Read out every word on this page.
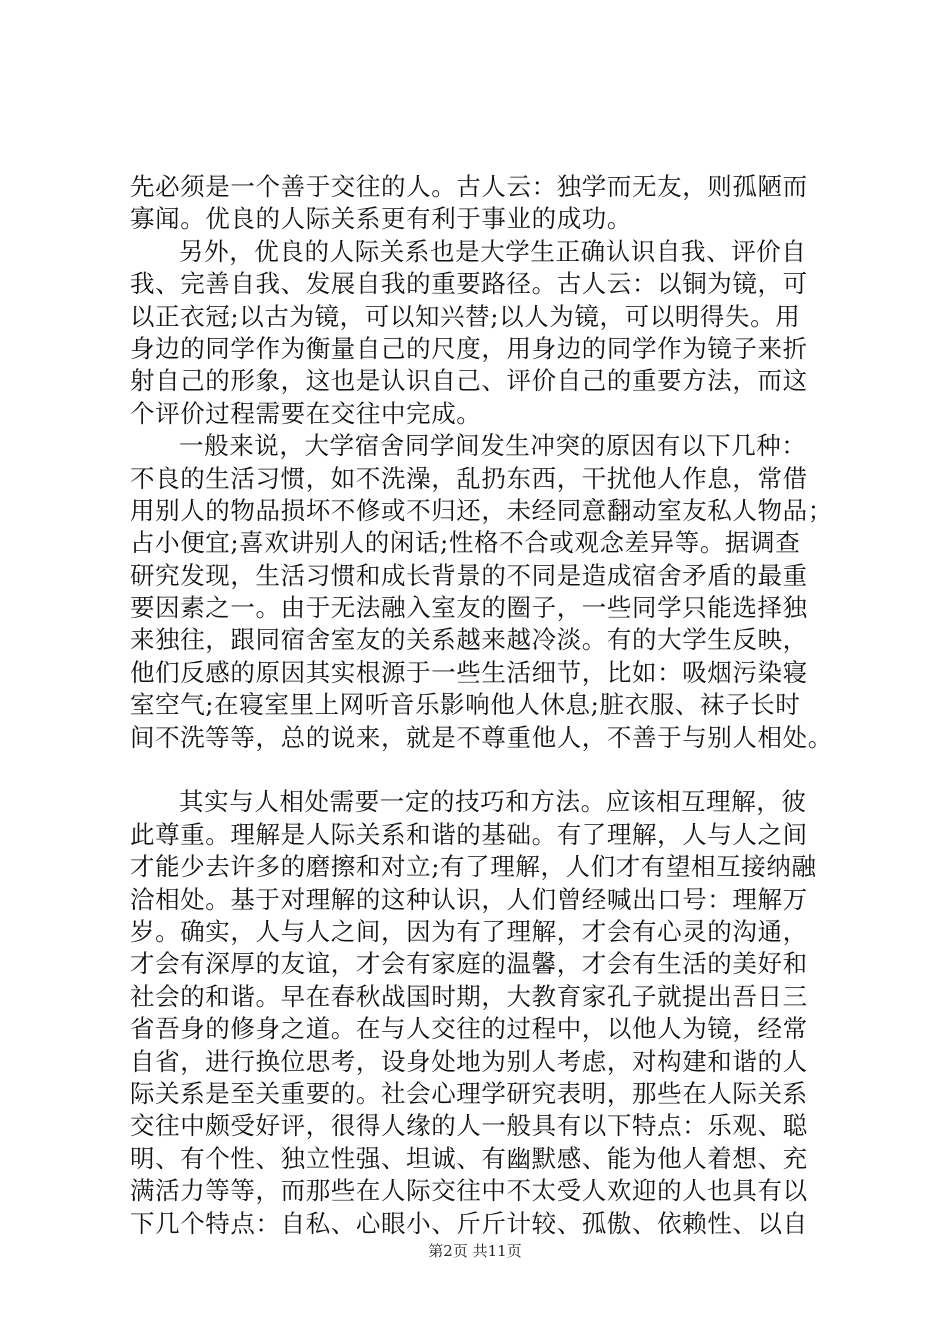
先必须是一个善于交往的人。古人云：独学而无友，则孤陋而
寡闻。优良的人际关系更有利于事业的成功。
另外，优良的人际关系也是大学生正确认识自我、评价自
我、完善自我、发展自我的重要路径。古人云：以铜为镜，可
以正衣冠;以古为镜，可以知兴替;以人为镜，可以明得失。用
身边的同学作为衡量自己的尺度，用身边的同学作为镜子来折
射自己的形象，这也是认识自己、评价自己的重要方法，而这
个评价过程需要在交往中完成。
一般来说，大学宿舍同学间发生冲突的原因有以下几种：
不良的生活习惯，如不洗澡，乱扔东西，干扰他人作息，常借
用别人的物品损坏不修或不归还，未经同意翻动室友私人物品；
占小便宜;喜欢讲别人的闲话;性格不合或观念差异等。据调查
研究发现，生活习惯和成长背景的不同是造成宿舍矛盾的最重
要因素之一。由于无法融入室友的圈子，一些同学只能选择独
来独往，跟同宿舍室友的关系越来越冷淡。有的大学生反映，
他们反感的原因其实根源于一些生活细节，比如：吸烟污染寝
室空气;在寝室里上网听音乐影响他人休息;脏衣服、袜子长时
间不洗等等，总的说来，就是不尊重他人，不善于与别人相处。
其实与人相处需要一定的技巧和方法。应该相互理解，彼
此尊重。理解是人际关系和谐的基础。有了理解，人与人之间
才能少去许多的磨擦和对立;有了理解，人们才有望相互接纳融
洽相处。基于对理解的这种认识，人们曾经喊出口号：理解万
岁。确实，人与人之间，因为有了理解，才会有心灵的沟通，
才会有深厚的友谊，才会有家庭的温馨，才会有生活的美好和
社会的和谐。早在春秋战国时期，大教育家孔子就提出吾日三
省吾身的修身之道。在与人交往的过程中，以他人为镜，经常
自省，进行换位思考，设身处地为别人考虑，对构建和谐的人
际关系是至关重要的。社会心理学研究表明，那些在人际关系
交往中颇受好评，很得人缘的人一般具有以下特点：乐观、聪
明、有个性、独立性强、坦诚、有幽默感、能为他人着想、充
满活力等等，而那些在人际交往中不太受人欢迎的人也具有以
下几个特点：自私、心眼小、斤斤计较、孤傲、依赖性、以自
第2页 共11页
